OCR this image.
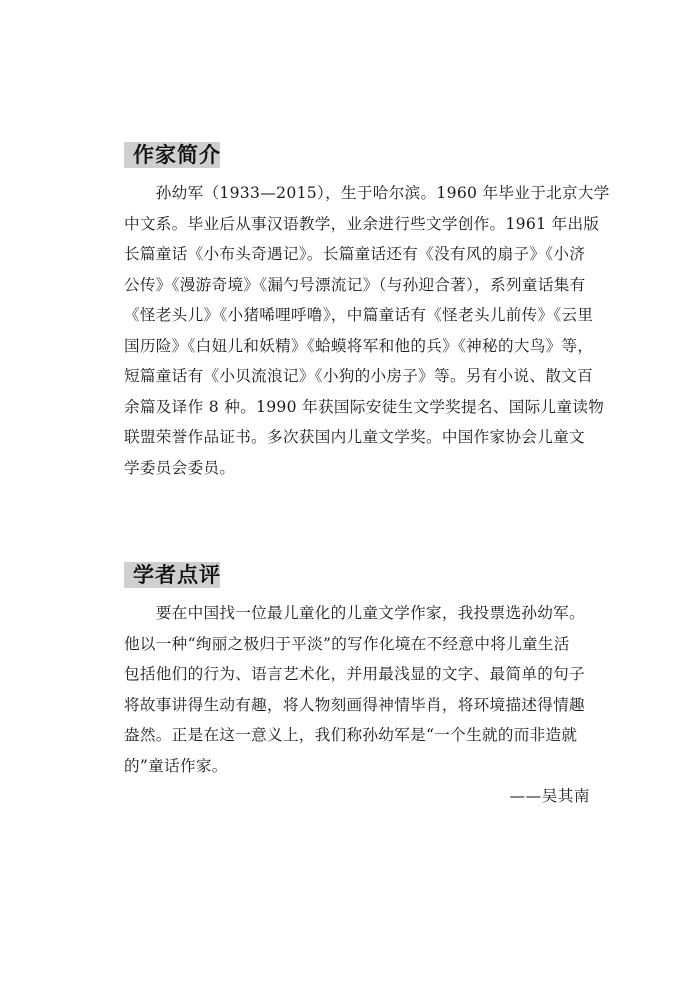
作家简介
　　孙幼军（1933—2015），生于哈尔滨。1960 年毕业于北京大学
中文系。毕业后从事汉语教学，业余进行些文学创作。1961 年出版
长篇童话《小布头奇遇记》。长篇童话还有《没有风的扇子》《小济
公传》《漫游奇境》《漏勺号漂流记》（与孙迎合著），系列童话集有
《怪老头儿》《小猪唏哩呼噜》，中篇童话有《怪老头儿前传》《云里
国历险》《白妞儿和妖精》《蛤蟆将军和他的兵》《神秘的大鸟》等，
短篇童话有《小贝流浪记》《小狗的小房子》等。另有小说、散文百
余篇及译作 8 种。1990 年获国际安徒生文学奖提名、国际儿童读物
联盟荣誉作品证书。多次获国内儿童文学奖。中国作家协会儿童文
学委员会委员。
学者点评
　　要在中国找一位最儿童化的儿童文学作家，我投票选孙幼军。
他以一种“绚丽之极归于平淡”的写作化境在不经意中将儿童生活
包括他们的行为、语言艺术化，并用最浅显的文字、最简单的句子
将故事讲得生动有趣，将人物刻画得神情毕肖，将环境描述得情趣
盎然。正是在这一意义上，我们称孙幼军是“一个生就的而非造就
的”童话作家。
——吴其南
